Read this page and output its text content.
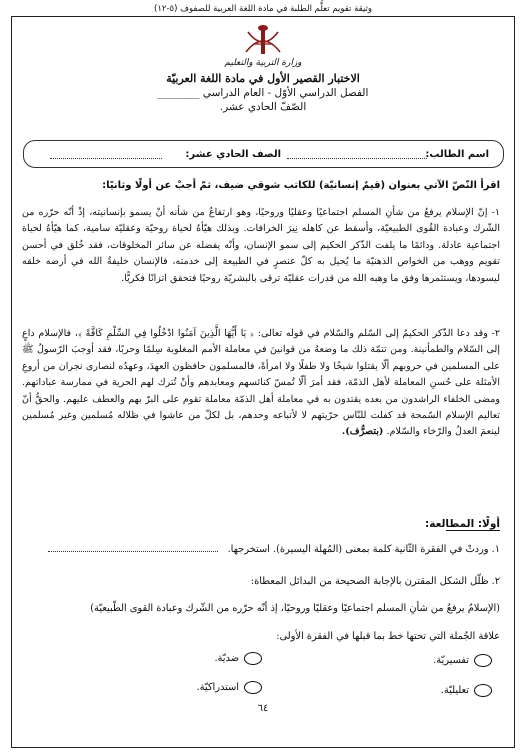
وثيقة تقويم تعلُّم الطلبة في مادة اللغة العربية للصفوف (٥-١٢)
وزارة التربية والتعليم
الاختبار القصير الأول في مادة اللغة العربيّة
الفصل الدراسي الأوّل - العام الدراسي ________
الصّفّ الحادي عشر.
اسم الطالب:
الصف الحادي عشر:
اقرأ النّصّ الآتي بعنوان (قيمٌ إنسانيّة) للكاتب شوقي ضيف، ثمّ أجبْ عن أولًا وثانيًا:
١- إنّ الإسلام يرفعُ من شأنِ المسلم اجتماعيًا وعقليًا وروحيًا، وهو ارتفاعٌ من شأنه أنْ يسمو بإنسانيته، إذْ أنّه حرّره من الشّرك وعبادة القُوى الطبيعيّة، وأسقط عن كاهله نِيرَ الخرافات. وبذلك هيّأهُ لحياة روحيّة وعقليّة سامية، كما هيّأهُ لحياة اجتماعية عادلة. ودائمًا ما يلفت الذّكر الحكيم إلى سمو الإنسان، وأنّه يفضله عن سائر المخلوقات، فقد خُلق في أحسن تقويم ووهب من الخواص الذهنيّة ما يُحيل به كلّ عنصرٍ في الطبيعة إلى خدمته، فالإنسان خليفةُ الله في أرضه خلقه ليسودها، ويستثمرها وفق ما وهبه الله من قدرات عقليّة ترقى بالبشريّة روحيًا فتحقق اتزانًا فكريًّا.
٢- وقد دعا الذّكر الحكيمُ إلى السّلم والسّلام في قوله تعالى: ﴿ يَا أَيُّهَا الَّذِينَ آمَنُوا ادْخُلُوا فِي السِّلْمِ كَافَّةً ﴾، فالإسلام داعٍ إلى السّلام والطمأنينة. ومن تتمّة ذلك ما وضعهُ من قوانينَ في معاملة الأمم المغلوبة سِلمًا وحربًا، فقد أوجبَ الرّسولُ ﷺ على المسلمين في حروبهم ألّا يقتلوا شيخًا ولا طفلًا ولا امرأةً، فالمسلمون حافظون العهدَ، وعهدُه لنصارى نجران من أروعِ الأمثلة على حُسنِ المعاملة لأهل الذمّة، فقد أمرَ ألّا تُمسّ كنائسهم ومعابدهم وأنْ تُترك لهم الحرية في ممارسة عباداتهم. ومضى الخلفاء الراشدون من بعده يقتدون به في معاملة أهل الذمّة معاملة تقوم على البرّ بهم والعطف عليهم. والحقُّ أنّ تعاليم الإسلام السّمحة قد كفلت للنّاس حرّيتهم لا لأتباعه وحدهم، بل لكلّ من عاشوا في ظلاله مُسلمين وغير مُسلمين لينعمَ العدلُ والرّخاء والسّلام. (بتصرُّف).
أولًا: المطالعة:
١. وردتْ في الفقرة الثّانية كلمة بمعنى (المُهلة اليسيرة). استخرجها.
٢. ظلّل الشكل المقترن بالإجابة الصحيحة من البدائل المعطاة:
(الإسلامُ يرفعُ من شأنِ المسلم اجتماعيًا وعقليًا وروحيًا، إذ أنّه حرّره من الشّرك وعبادة القوى الطّبيعيّة)
علاقة الجُملة التي تحتها خط بما قبلها في الفقرة الأولى:
تفسيريّة.
ضديّة.
تعليليّة.
استدراكيّة.
٦٤
